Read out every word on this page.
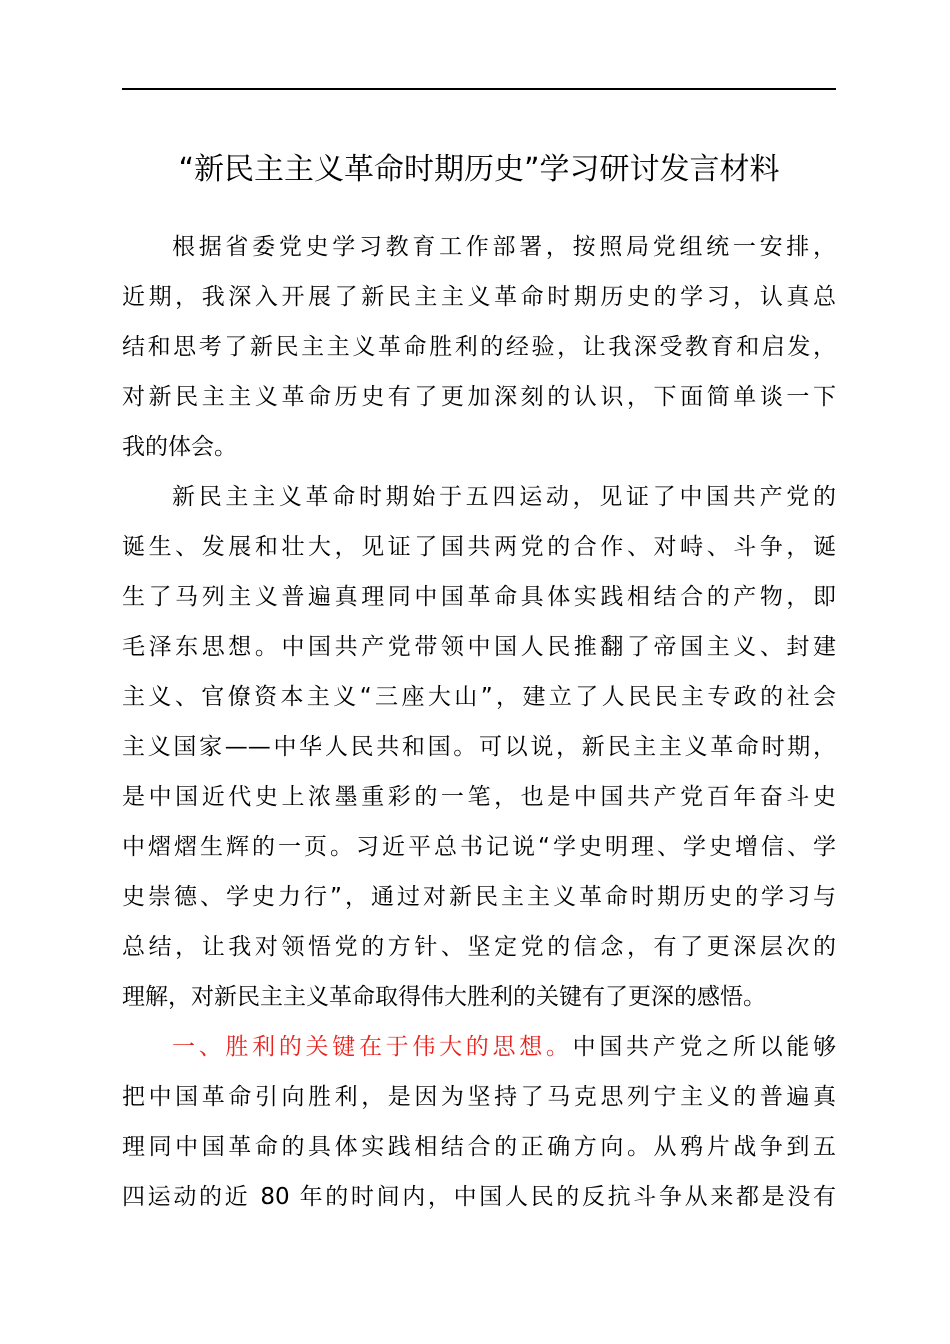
“新民主主义革命时期历史”学习研讨发言材料
根据省委党史学习教育工作部署，按照局党组统一安排，
近期，我深入开展了新民主主义革命时期历史的学习，认真总
结和思考了新民主主义革命胜利的经验，让我深受教育和启发，
对新民主主义革命历史有了更加深刻的认识，下面简单谈一下
我的体会。
新民主主义革命时期始于五四运动，见证了中国共产党的
诞生、发展和壮大，见证了国共两党的合作、对峙、斗争，诞
生了马列主义普遍真理同中国革命具体实践相结合的产物，即
毛泽东思想。中国共产党带领中国人民推翻了帝国主义、封建
主义、官僚资本主义“三座大山”，建立了人民民主专政的社会
主义国家——中华人民共和国。可以说，新民主主义革命时期，
是中国近代史上浓墨重彩的一笔，也是中国共产党百年奋斗史
中熠熠生辉的一页。习近平总书记说“学史明理、学史增信、学
史崇德、学史力行”，通过对新民主主义革命时期历史的学习与
总结，让我对领悟党的方针、坚定党的信念，有了更深层次的
理解，对新民主主义革命取得伟大胜利的关键有了更深的感悟。
一、胜利的关键在于伟大的思想。中国共产党之所以能够
把中国革命引向胜利，是因为坚持了马克思列宁主义的普遍真
理同中国革命的具体实践相结合的正确方向。从鸦片战争到五
四运动的近 80 年的时间内，中国人民的反抗斗争从来都是没有
